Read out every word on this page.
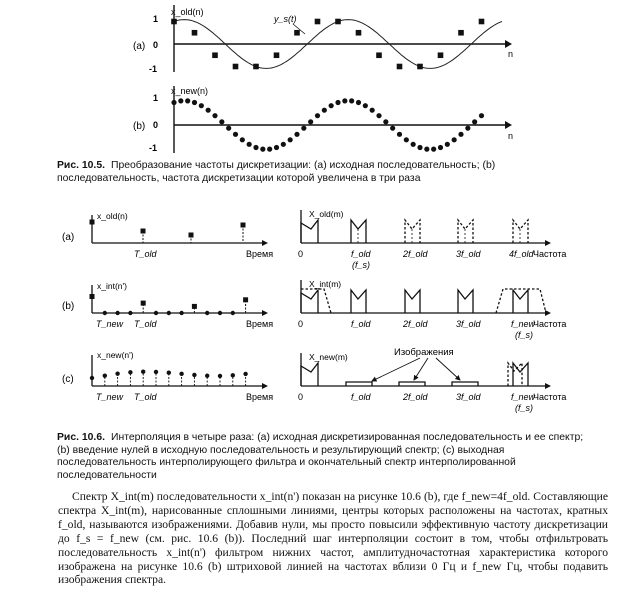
(a)
x_old(n)
1
0
-1
n
y_s(t)
(b)
x_new(n)
1
0
-1
n
Рис. 10.5. Преобразование частоты дискретизации: (a) исходная последовательность; (b) последовательность, частота дискретизации которой увеличена в три раза
(a)
x_old(n)
T_old	Время
X_old(m)
0	f_old
(f_s)
2f_old	3f_old	4f_old Частота
(b)
x_int(n')
T_new T_old	Время
X_int(m)
0	f_old	2f_old	3f_old	f_new
(f_s)
Частота
(c)
x_new(n')
T_new T_old	Время
X_new(m)	Изображения
0	f_old	2f_old	3f_old	f_new
(f_s)
Частота
Рис. 10.6. Интерполяция в четыре раза: (a) исходная дискретизированная последовательность и ее спектр; (b) введение нулей в исходную последовательность и результирующий спектр; (c) выходная последовательность интерполирующего фильтра и окончательный спектр интерполированной последовательности

Спектр X_int(m) последовательности x_int(n') показан на рисунке 10.6 (b), где f_new=4f_old. Составляющие спектра X_int(m), нарисованные сплошными линиями, центры которых расположены на частотах, кратных f_old, называются изображениями. Добавив нули, мы просто повысили эффективную частоту дискретизации до f_s = f_new (см. рис. 10.6 (b)). Последний шаг интерполяции состоит в том, чтобы отфильтровать последовательность x_int(n') фильтром нижних частот, амплитудночастотная характеристика которого изображена на рисунке 10.6 (b) штриховой линией на частотах вблизи 0 Гц и f_new Гц, чтобы подавить изображения спектра.
